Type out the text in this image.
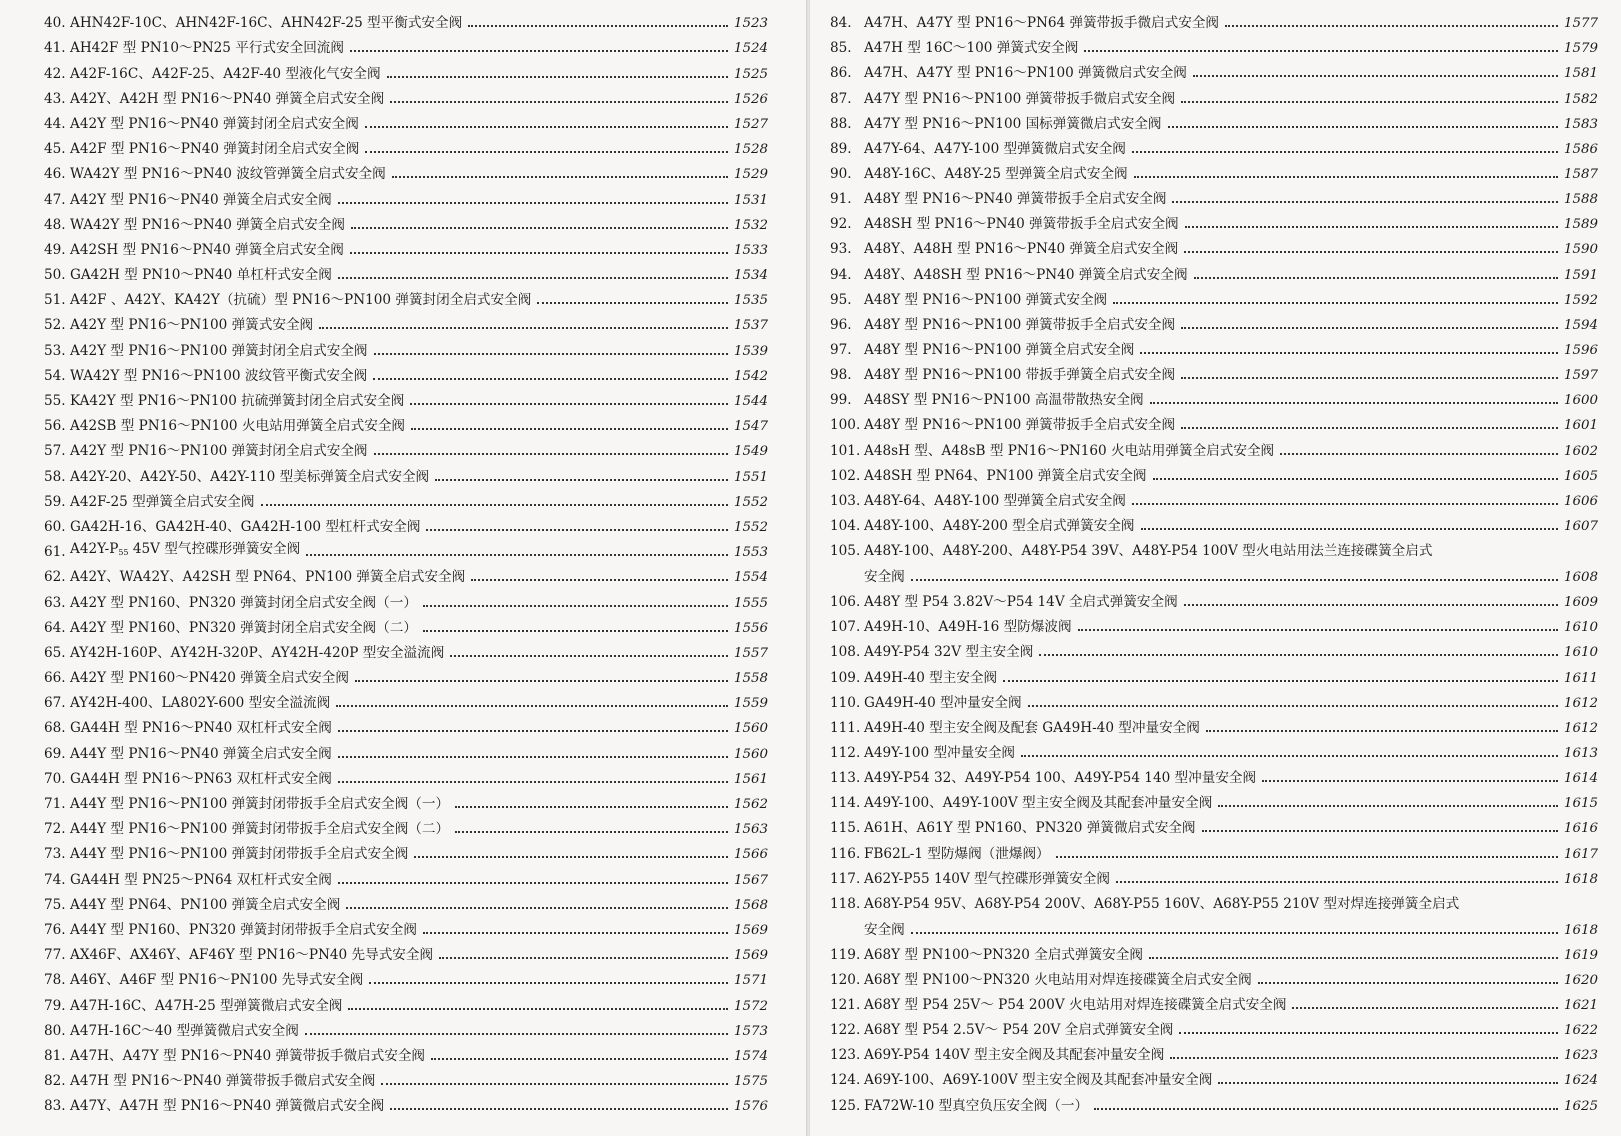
40. AHN42F-10C、AHN42F-16C、AHN42F-25 型平衡式安全阀	1523
41. AH42F 型 PN10～PN25 平行式安全回流阀	1524
42. A42F-16C、A42F-25、A42F-40 型液化气安全阀	1525
43. A42Y、A42H 型 PN16～PN40 弹簧全启式安全阀	1526
44. A42Y 型 PN16～PN40 弹簧封闭全启式安全阀	1527
45. A42F 型 PN16～PN40 弹簧封闭全启式安全阀	1528
46. WA42Y 型 PN16～PN40 波纹管弹簧全启式安全阀	1529
47. A42Y 型 PN16～PN40 弹簧全启式安全阀	1531
48. WA42Y 型 PN16～PN40 弹簧全启式安全阀	1532
49. A42SH 型 PN16～PN40 弹簧全启式安全阀	1533
50. GA42H 型 PN10～PN40 单杠杆式安全阀	1534
51. A42F 、A42Y、KA42Y（抗硫）型 PN16～PN100 弹簧封闭全启式安全阀	1535
52. A42Y 型 PN16～PN100 弹簧式安全阀	1537
53. A42Y 型 PN16～PN100 弹簧封闭全启式安全阀	1539
54. WA42Y 型 PN16～PN100 波纹管平衡式安全阀	1542
55. KA42Y 型 PN16～PN100 抗硫弹簧封闭全启式安全阀	1544
56. A42SB 型 PN16～PN100 火电站用弹簧全启式安全阀	1547
57. A42Y 型 PN16～PN100 弹簧封闭全启式安全阀	1549
58. A42Y-20、A42Y-50、A42Y-110 型美标弹簧全启式安全阀	1551
59. A42F-25 型弹簧全启式安全阀	1552
60. GA42H-16、GA42H-40、GA42H-100 型杠杆式安全阀	1552
61. $A42Y-P_{55}$ 45V 型气控碟形弹簧安全阀	1553
62. A42Y、WA42Y、A42SH 型 PN64、PN100 弹簧全启式安全阀	1554
63. A42Y 型 PN160、PN320 弹簧封闭全启式安全阀（一）	1555
64. A42Y 型 PN160、PN320 弹簧封闭全启式安全阀（二）	1556
65. AY42H-160P、AY42H-320P、AY42H-420P 型安全溢流阀	1557
66. A42Y 型 PN160～PN420 弹簧全启式安全阀	1558
67. AY42H-400、LA802Y-600 型安全溢流阀	1559
68. GA44H 型 PN16～PN40 双杠杆式安全阀	1560
69. A44Y 型 PN16～PN40 弹簧全启式安全阀	1560
70. GA44H 型 PN16～PN63 双杠杆式安全阀	1561
71. A44Y 型 PN16～PN100 弹簧封闭带扳手全启式安全阀（一）	1562
72. A44Y 型 PN16～PN100 弹簧封闭带扳手全启式安全阀（二）	1563
73. A44Y 型 PN16～PN100 弹簧封闭带扳手全启式安全阀	1566
74. GA44H 型 PN25～PN64 双杠杆式安全阀	1567
75. A44Y 型 PN64、PN100 弹簧全启式安全阀	1568
76. A44Y 型 PN160、PN320 弹簧封闭带扳手全启式安全阀	1569
77. AX46F、AX46Y、AF46Y 型 PN16～PN40 先导式安全阀	1569
78. A46Y、A46F 型 PN16～PN100 先导式安全阀	1571
79. A47H-16C、A47H-25 型弹簧微启式安全阀	1572
80. A47H-16C～40 型弹簧微启式安全阀	1573
81. A47H、A47Y 型 PN16～PN40 弹簧带扳手微启式安全阀	1574
82. A47H 型 PN16～PN40 弹簧带扳手微启式安全阀	1575
83. A47Y、A47H 型 PN16～PN40 弹簧微启式安全阀	1576
84. A47H、A47Y 型 PN16～PN64 弹簧带扳手微启式安全阀	1577
85. A47H 型 16C～100 弹簧式安全阀	1579
86. A47H、A47Y 型 PN16～PN100 弹簧微启式安全阀	1581
87. A47Y 型 PN16～PN100 弹簧带扳手微启式安全阀	1582
88. A47Y 型 PN16～PN100 国标弹簧微启式安全阀	1583
89. A47Y-64、A47Y-100 型弹簧微启式安全阀	1586
90. A48Y-16C、A48Y-25 型弹簧全启式安全阀	1587
91. A48Y 型 PN16～PN40 弹簧带扳手全启式安全阀	1588
92. A48SH 型 PN16～PN40 弹簧带扳手全启式安全阀	1589
93. A48Y、A48H 型 PN16～PN40 弹簧全启式安全阀	1590
94. A48Y、A48SH 型 PN16～PN40 弹簧全启式安全阀	1591
95. A48Y 型 PN16～PN100 弹簧式安全阀	1592
96. A48Y 型 PN16～PN100 弹簧带扳手全启式安全阀	1594
97. A48Y 型 PN16～PN100 弹簧全启式安全阀	1596
98. A48Y 型 PN16～PN100 带扳手弹簧全启式安全阀	1597
99. A48SY 型 PN16～PN100 高温带散热安全阀	1600
100. A48Y 型 PN16～PN100 弹簧带扳手全启式安全阀	1601
101. A48sH 型、A48sB 型 PN16～PN160 火电站用弹簧全启式安全阀	1602
102. A48SH 型 PN64、PN100 弹簧全启式安全阀	1605
103. A48Y-64、A48Y-100 型弹簧全启式安全阀	1606
104. A48Y-100、A48Y-200 型全启式弹簧安全阀	1607
105. A48Y-100、A48Y-200、A48Y-P54 39V、A48Y-P54 100V 型火电站用法兰连接碟簧全启式
安全阀	1608
106. A48Y 型 P54 3.82V～P54 14V 全启式弹簧安全阀	1609
107. A49H-10、A49H-16 型防爆波阀	1610
108. A49Y-P54 32V 型主安全阀	1610
109. A49H-40 型主安全阀	1611
110. GA49H-40 型冲量安全阀	1612
111. A49H-40 型主安全阀及配套 GA49H-40 型冲量安全阀	1612
112. A49Y-100 型冲量安全阀	1613
113. A49Y-P54 32、A49Y-P54 100、A49Y-P54 140 型冲量安全阀	1614
114. A49Y-100、A49Y-100V 型主安全阀及其配套冲量安全阀	1615
115. A61H、A61Y 型 PN160、PN320 弹簧微启式安全阀	1616
116. FB62L-1 型防爆阀（泄爆阀）	1617
117. A62Y-P55 140V 型气控碟形弹簧安全阀	1618
118. A68Y-P54 95V、A68Y-P54 200V、A68Y-P55 160V、A68Y-P55 210V 型对焊连接弹簧全启式
安全阀	1618
119. A68Y 型 PN100～PN320 全启式弹簧安全阀	1619
120. A68Y 型 PN100～PN320 火电站用对焊连接碟簧全启式安全阀	1620
121. A68Y 型 P54 25V～ P54 200V 火电站用对焊连接碟簧全启式安全阀	1621
122. A68Y 型 P54 2.5V～ P54 20V 全启式弹簧安全阀	1622
123. A69Y-P54 140V 型主安全阀及其配套冲量安全阀	1623
124. A69Y-100、A69Y-100V 型主安全阀及其配套冲量安全阀	1624
125. FA72W-10 型真空负压安全阀（一）	1625
